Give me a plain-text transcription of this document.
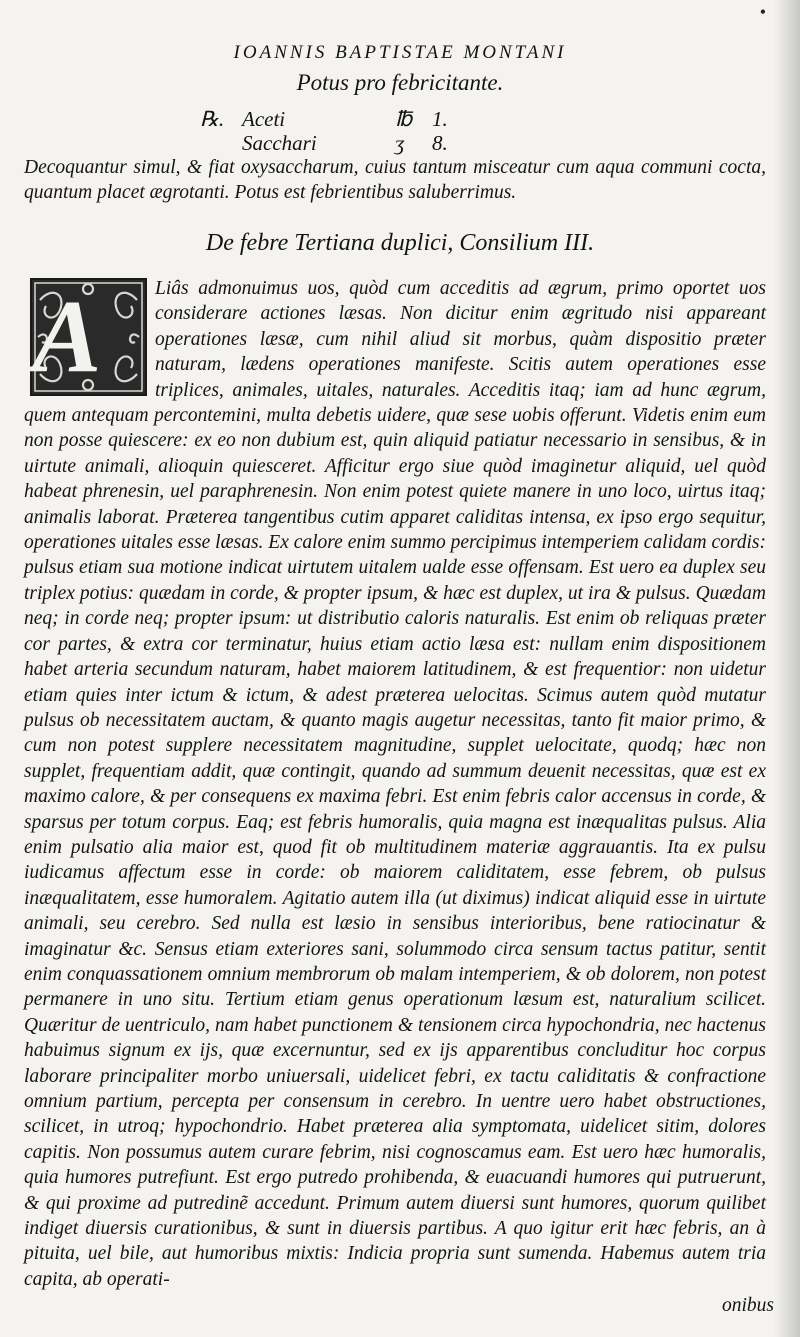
•
IOANNIS BAPTISTAE MONTANI
Potus pro febricitante.
℞. Aceti	℔ 1.
Sacchari	ʒ 8.

Decoquantur simul, & fiat oxysaccharum, cuius tantum misceatur cum aqua communi cocta, quantum placet ægrotanti. Potus est febrientibus saluberrimus.

De febre Tertiana duplici, Consilium III.
A	Liâs admonuimus uos, quòd cum acceditis ad ægrum, primo oportet uos considerare actiones læsas. Non dicitur enim ægritudo nisi appareant operationes læsæ, cum nihil aliud sit morbus, quàm dispositio præter naturam, lædens operationes manifeste. Scitis autem operationes esse triplices, animales, uitales, naturales. Acceditis itaq; iam ad hunc ægrum, quem antequam percontemini, multa debetis uidere, quæ sese uobis offerunt. Videtis enim eum non posse quiescere: ex eo non dubium est, quin aliquid patiatur necessario in sensibus, & in uirtute animali, alioquin quiesceret. Afficitur ergo siue quòd imaginetur aliquid, uel quòd habeat phrenesin, uel paraphrenesin. Non enim potest quiete manere in uno loco, uirtus itaq; animalis laborat. Præterea tangentibus cutim apparet caliditas intensa, ex ipso ergo sequitur, operationes uitales esse læsas. Ex calore enim summo percipimus intemperiem calidam cordis: pulsus etiam sua motione indicat uirtutem uitalem ualde esse offensam. Est uero ea duplex seu triplex potius: quædam in corde, & propter ipsum, & hæc est duplex, ut ira & pulsus. Quædam neq; in corde neq; propter ipsum: ut distributio caloris naturalis. Est enim ob reliquas præter cor partes, & extra cor terminatur, huius etiam actio læsa est: nullam enim dispositionem habet arteria secundum naturam, habet maiorem latitudinem, & est frequentior: non uidetur etiam quies inter ictum & ictum, & adest præterea uelocitas. Scimus autem quòd mutatur pulsus ob necessitatem auctam, & quanto magis augetur necessitas, tanto fit maior primo, & cum non potest supplere necessitatem magnitudine, supplet uelocitate, quodq; hæc non supplet, frequentiam addit, quæ contingit, quando ad summum deuenit necessitas, quæ est ex maximo calore, & per consequens ex maxima febri. Est enim febris calor accensus in corde, & sparsus per totum corpus. Eaq; est febris humoralis, quia magna est inæqualitas pulsus. Alia enim pulsatio alia maior est, quod fit ob multitudinem materiæ aggrauantis. Ita ex pulsu iudicamus affectum esse in corde: ob maiorem caliditatem, esse febrem, ob pulsus inæqualitatem, esse humoralem. Agitatio autem illa (ut diximus) indicat aliquid esse in uirtute animali, seu cerebro. Sed nulla est læsio in sensibus interioribus, bene ratiocinatur & imaginatur &c. Sensus etiam exteriores sani, solummodo circa sensum tactus patitur, sentit enim conquassationem omnium membrorum ob malam intemperiem, & ob dolorem, non potest permanere in uno situ. Tertium etiam genus operationum læsum est, naturalium scilicet. Quæritur de uentriculo, nam habet punctionem & tensionem circa hypochondria, nec hactenus habuimus signum ex ijs, quæ excernuntur, sed ex ijs apparentibus concluditur hoc corpus laborare principaliter morbo uniuersali, uidelicet febri, ex tactu caliditatis & confractione omnium partium, percepta per consensum in cerebro. In uentre uero habet obstructiones, scilicet, in utroq; hypochondrio. Habet præterea alia symptomata, uidelicet sitim, dolores capitis. Non possumus autem curare febrim, nisi cognoscamus eam. Est uero hæc humoralis, quia humores putrefiunt. Est ergo putredo prohibenda, & euacuandi humores qui putruerunt, & qui proxime ad putredinẽ accedunt. Primum autem diuersi sunt humores, quorum quilibet indiget diuersis curationibus, & sunt in diuersis partibus. A quo igitur erit hæc febris, an à pituita, uel bile, aut humoribus mixtis: Indicia propria sunt sumenda. Habemus autem tria capita, ab operati-
onibus
